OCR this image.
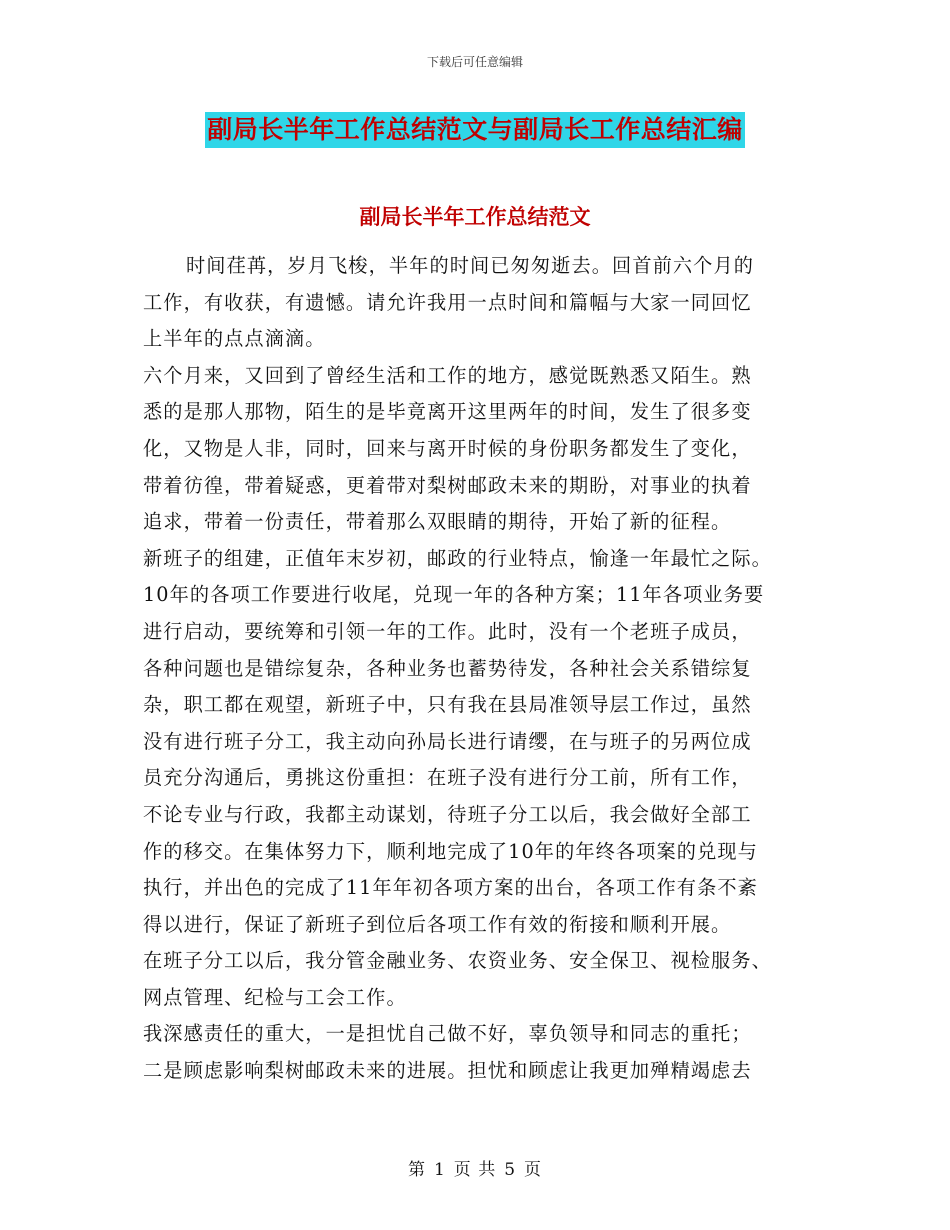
下载后可任意编辑
副局长半年工作总结范文与副局长工作总结汇编
副局长半年工作总结范文
时间荏苒，岁月飞梭，半年的时间已匆匆逝去。回首前六个月的
工作，有收获，有遗憾。请允许我用一点时间和篇幅与大家一同回忆
上半年的点点滴滴。
六个月来，又回到了曾经生活和工作的地方，感觉既熟悉又陌生。熟
悉的是那人那物，陌生的是毕竟离开这里两年的时间，发生了很多变
化，又物是人非，同时，回来与离开时候的身份职务都发生了变化，
带着彷徨，带着疑惑，更着带对梨树邮政未来的期盼，对事业的执着
追求，带着一份责任，带着那么双眼睛的期待，开始了新的征程。
新班子的组建，正值年末岁初，邮政的行业特点，愉逢一年最忙之际。
10年的各项工作要进行收尾，兑现一年的各种方案；11年各项业务要
进行启动，要统筹和引领一年的工作。此时，没有一个老班子成员，
各种问题也是错综复杂，各种业务也蓄势待发，各种社会关系错综复
杂，职工都在观望，新班子中，只有我在县局准领导层工作过，虽然
没有进行班子分工，我主动向孙局长进行请缨，在与班子的另两位成
员充分沟通后，勇挑这份重担：在班子没有进行分工前，所有工作，
不论专业与行政，我都主动谋划，待班子分工以后，我会做好全部工
作的移交。在集体努力下，顺利地完成了10年的年终各项案的兑现与
执行，并出色的完成了11年年初各项方案的出台，各项工作有条不紊
得以进行，保证了新班子到位后各项工作有效的衔接和顺利开展。
在班子分工以后，我分管金融业务、农资业务、安全保卫、视检服务、
网点管理、纪检与工会工作。
我深感责任的重大，一是担忧自己做不好，辜负领导和同志的重托；
二是顾虑影响梨树邮政未来的进展。担忧和顾虑让我更加殚精竭虑去
第 1 页 共 5 页
